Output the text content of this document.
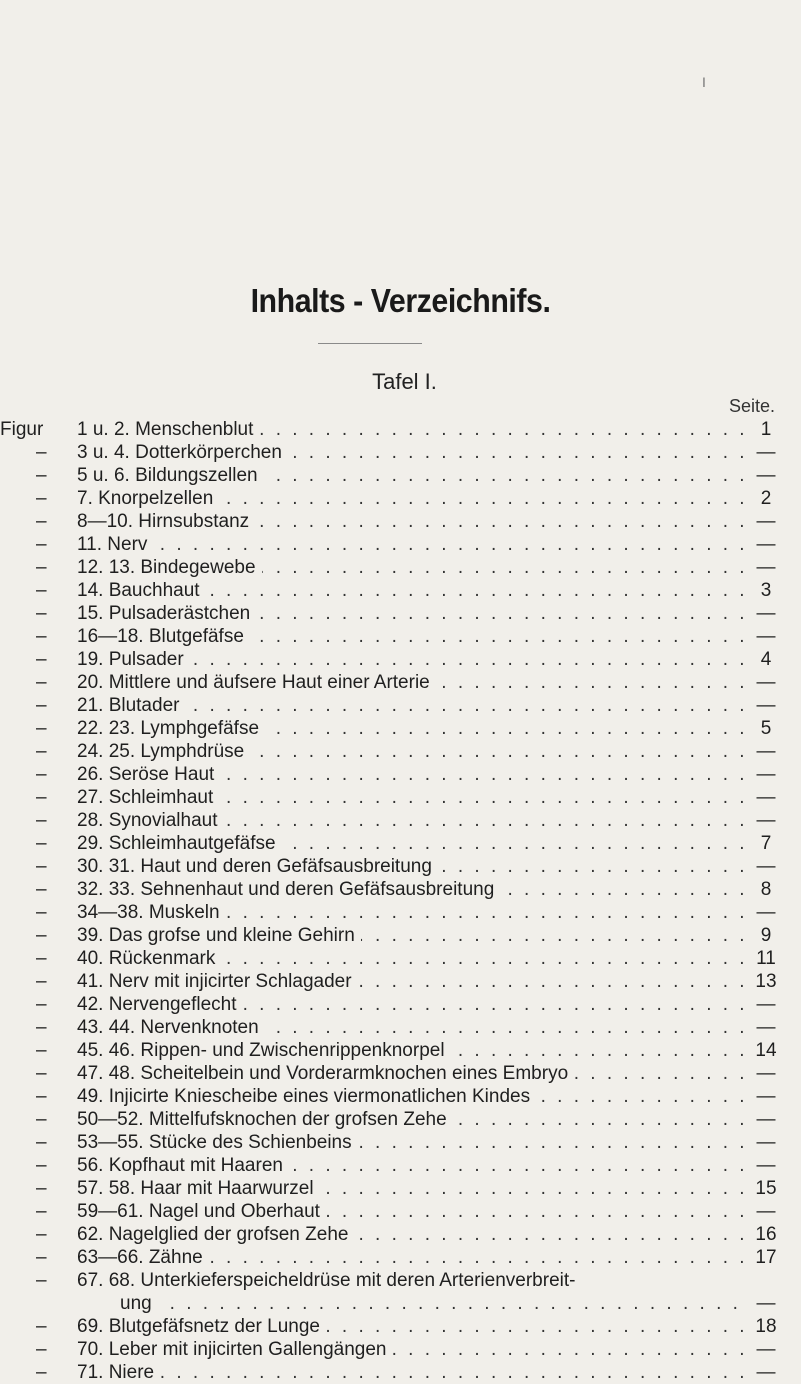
I
Inhalts - Verzeichnifs.
Tafel I.
Seite.
Figur 1 u. 2. Menschenblut . . .	1
– 3 u. 4. Dotterkörperchen . . .	—
– 5 u. 6. Bildungszellen . . .	—
– 7. Knorpelzellen . . .	2
– 8—10. Hirnsubstanz . . .	—
– 11. Nerv . . .	—
– 12. 13. Bindegewebe . . .	—
– 14. Bauchhaut . . .	3
– 15. Pulsaderästchen . . .	—
– 16—18. Blutgefäfse . . .	—
– 19. Pulsader . . .	4
– 20. Mittlere und äufsere Haut einer Arterie . . .	—
– 21. Blutader . . .	—
– 22. 23. Lymphgefäfse . . .	5
– 24. 25. Lymphdrüse . . .	—
– 26. Seröse Haut . . .	—
– 27. Schleimhaut . . .	—
– 28. Synovialhaut . . .	—
– 29. Schleimhautgefäfse . . .	7
– 30. 31. Haut und deren Gefäfsausbreitung . . .	—
– 32. 33. Sehnenhaut und deren Gefäfsausbreitung . . .	8
– 34—38. Muskeln . . .	—
– 39. Das grofse und kleine Gehirn . . .	9
– 40. Rückenmark . . .	11
– 41. Nerv mit injicirter Schlagader . . .	13
– 42. Nervengeflecht . . .	—
– 43. 44. Nervenknoten . . .	—
– 45. 46. Rippen- und Zwischenrippenknorpel . . .	14
– 47. 48. Scheitelbein und Vorderarmknochen eines Embryo . . .	—
– 49. Injicirte Kniescheibe eines viermonatlichen Kindes . . .	—
– 50—52. Mittelfufsknochen der grofsen Zehe . . .	—
– 53—55. Stücke des Schienbeins . . .	—
– 56. Kopfhaut mit Haaren . . .	—
– 57. 58. Haar mit Haarwurzel . . .	15
– 59—61. Nagel und Oberhaut . . .	—
– 62. Nagelglied der grofsen Zehe . . .	16
– 63—66. Zähne . . .	17
– 67. 68. Unterkieferspeicheldrüse mit deren Arterienverbreit-
ung . . .	—
– 69. Blutgefäfsnetz der Lunge . . .	18
– 70. Leber mit injicirten Gallengängen . . .	—
– 71. Niere . . .	—
